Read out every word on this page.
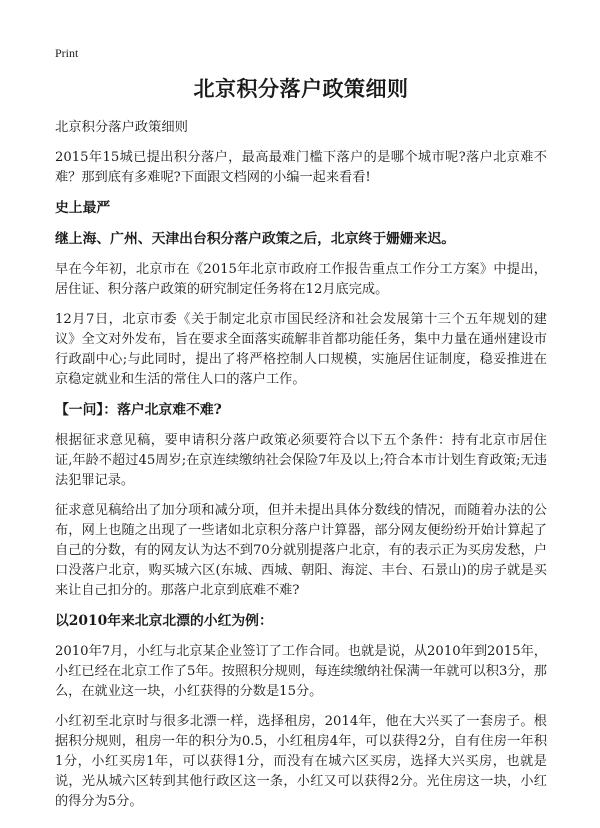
Print
北京积分落户政策细则
北京积分落户政策细则

2015年15城已提出积分落户，最高最难门槛下落户的是哪个城市呢?落户北京难不难？那到底有多难呢?下面跟文档网的小编一起来看看!

史上最严
继上海、广州、天津出台积分落户政策之后，北京终于姗姗来迟。

早在今年初，北京市在《2015年北京市政府工作报告重点工作分工方案》中提出，居住证、积分落户政策的研究制定任务将在12月底完成。

12月7日，北京市委《关于制定北京市国民经济和社会发展第十三个五年规划的建议》全文对外发布，旨在要求全面落实疏解非首都功能任务，集中力量在通州建设市行政副中心;与此同时，提出了将严格控制人口规模，实施居住证制度，稳妥推进在京稳定就业和生活的常住人口的落户工作。

【一问】：落户北京难不难?

根据征求意见稿，要申请积分落户政策必须要符合以下五个条件：持有北京市居住证,年龄不超过45周岁;在京连续缴纳社会保险7年及以上;符合本市计划生育政策;无违法犯罪记录。

征求意见稿给出了加分项和减分项，但并未提出具体分数线的情况，而随着办法的公布，网上也随之出现了一些诸如北京积分落户计算器，部分网友便纷纷开始计算起了自己的分数，有的网友认为达不到70分就别提落户北京，有的表示正为买房发愁，户口没落户北京，购买城六区(东城、西城、朝阳、海淀、丰台、石景山)的房子就是买来让自己扣分的。那落户北京到底难不难?

以2010年来北京北漂的小红为例：

2010年7月，小红与北京某企业签订了工作合同。也就是说，从2010年到2015年，小红已经在北京工作了5年。按照积分规则，每连续缴纳社保满一年就可以积3分，那么，在就业这一块，小红获得的分数是15分。

小红初至北京时与很多北漂一样，选择租房，2014年，他在大兴买了一套房子。根据积分规则，租房一年的积分为0.5，小红租房4年，可以获得2分，自有住房一年积1分，小红买房1年，可以获得1分，而没有在城六区买房，选择大兴买房，也就是说，光从城六区转到其他行政区这一条，小红又可以获得2分。光住房这一块，小红的得分为5分。
